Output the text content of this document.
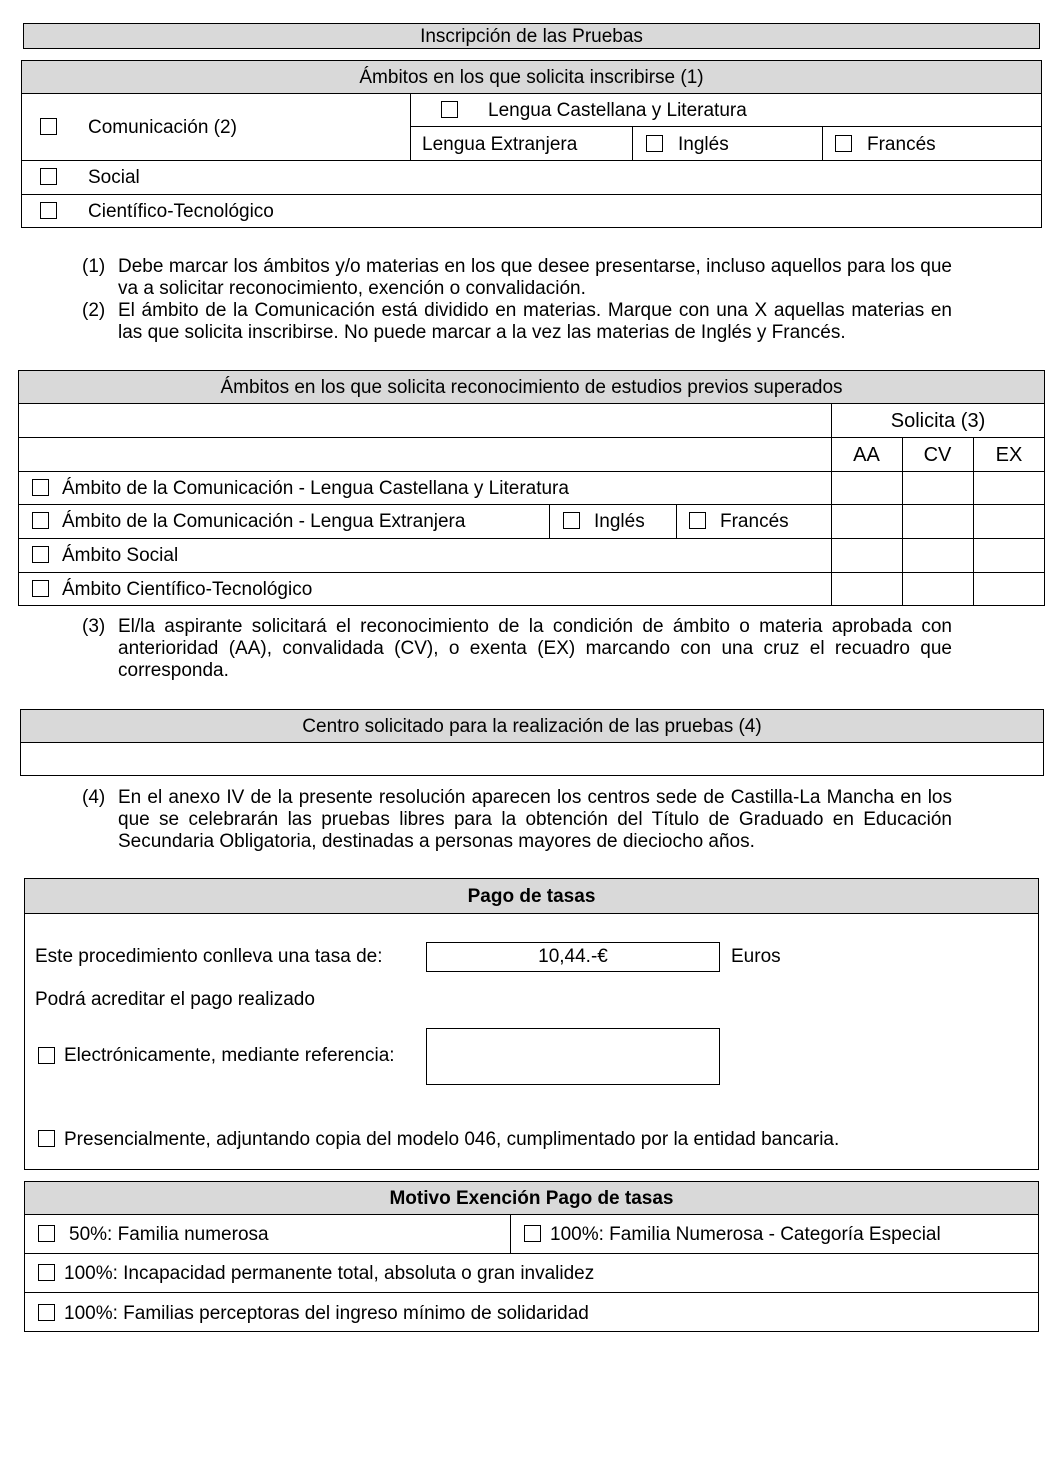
Inscripción de las Pruebas
Ámbitos en los que solicita inscribirse (1)
Comunicación (2)
Lengua Castellana y Literatura
Lengua Extranjera	Inglés	Francés
Social
Científico-Tecnológico
(1) Debe marcar los ámbitos y/o materias en los que desee presentarse, incluso aquellos para los que va a solicitar reconocimiento, exención o convalidación.
(2) El ámbito de la Comunicación está dividido en materias. Marque con una X aquellas materias en las que solicita inscribirse. No puede marcar a la vez las materias de Inglés y Francés.
Ámbitos en los que solicita reconocimiento de estudios previos superados
Solicita (3)
AA	CV	EX
Ámbito de la Comunicación - Lengua Castellana y Literatura
Ámbito de la Comunicación - Lengua Extranjera	Inglés	Francés
Ámbito Social
Ámbito Científico-Tecnológico
(3) El/la aspirante solicitará el reconocimiento de la condición de ámbito o materia aprobada con anterioridad (AA), convalidada (CV), o exenta (EX) marcando con una cruz el recuadro que corresponda.
Centro solicitado para la realización de las pruebas (4)
(4) En el anexo IV de la presente resolución aparecen los centros sede de Castilla-La Mancha en los que se celebrarán las pruebas libres para la obtención del Título de Graduado en Educación Secundaria Obligatoria, destinadas a personas mayores de dieciocho años.
Pago de tasas
Este procedimiento conlleva una tasa de:	10,44.-€	Euros
Podrá acreditar el pago realizado
Electrónicamente, mediante referencia:
Presencialmente, adjuntando copia del modelo 046, cumplimentado por la entidad bancaria.
Motivo Exención Pago de tasas
50%: Familia numerosa	100%: Familia Numerosa - Categoría Especial
100%: Incapacidad permanente total, absoluta o gran invalidez
100%: Familias perceptoras del ingreso mínimo de solidaridad
